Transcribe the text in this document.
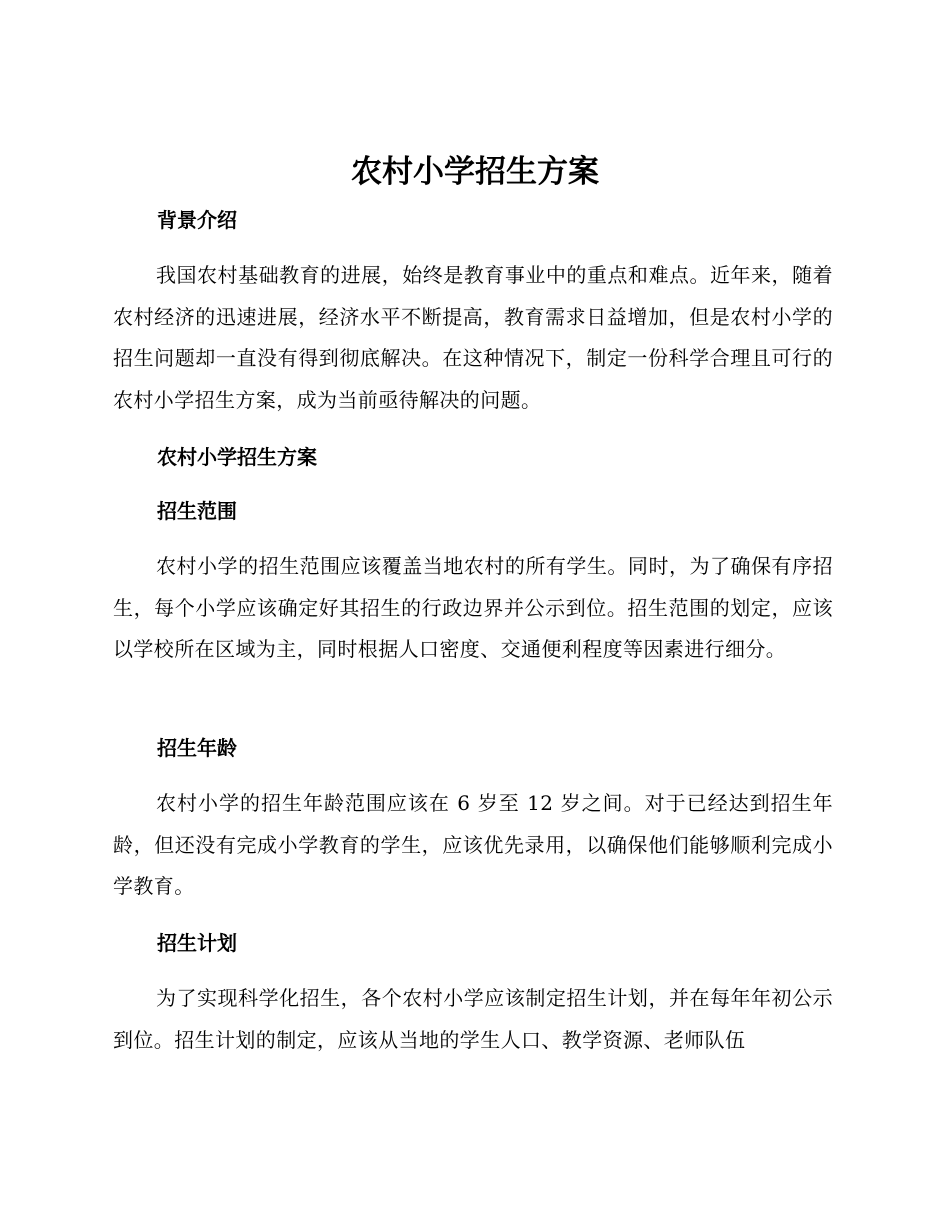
农村小学招生方案
背景介绍

我国农村基础教育的进展，始终是教育事业中的重点和难点。近年来，随着农村经济的迅速进展，经济水平不断提高，教育需求日益增加，但是农村小学的招生问题却一直没有得到彻底解决。在这种情况下，制定一份科学合理且可行的农村小学招生方案，成为当前亟待解决的问题。

农村小学招生方案
招生范围

农村小学的招生范围应该覆盖当地农村的所有学生。同时，为了确保有序招生，每个小学应该确定好其招生的行政边界并公示到位。招生范围的划定，应该以学校所在区域为主，同时根据人口密度、交通便利程度等因素进行细分。

招生年龄

农村小学的招生年龄范围应该在 6 岁至 12 岁之间。对于已经达到招生年龄，但还没有完成小学教育的学生，应该优先录用，以确保他们能够顺利完成小学教育。

招生计划

为了实现科学化招生，各个农村小学应该制定招生计划，并在每年年初公示到位。招生计划的制定，应该从当地的学生人口、教学资源、老师队伍
